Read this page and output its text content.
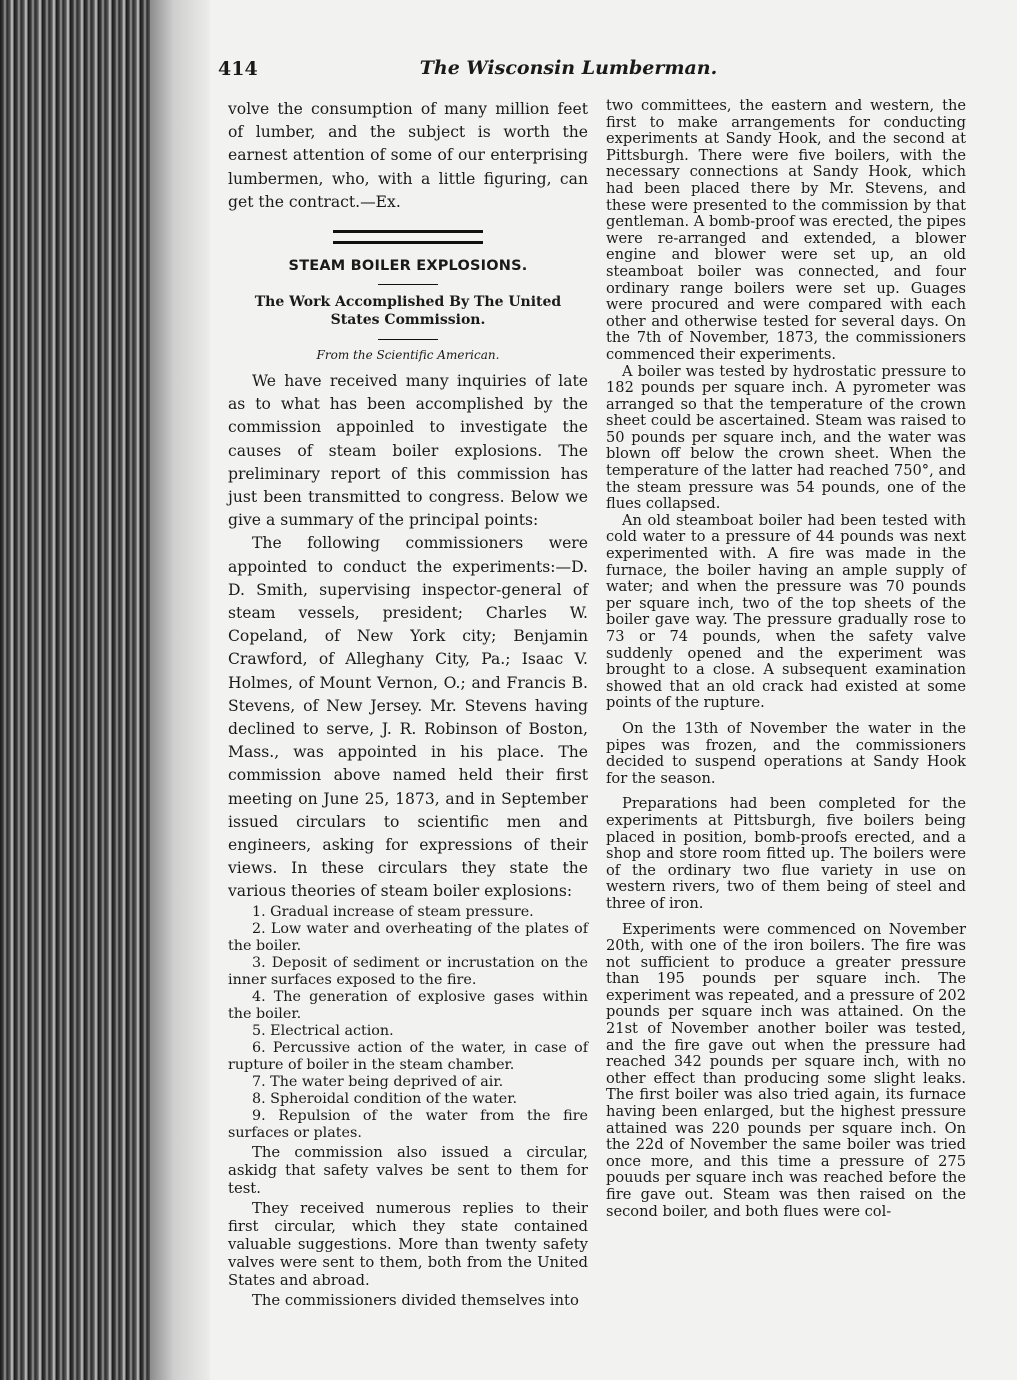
414	The Wisconsin Lumberman.

volve the consumption of many million feet of lumber, and the subject is worth the earnest attention of some of our enterprising lumbermen, who, with a little figuring, can get the contract.—Ex.

STEAM BOILER EXPLOSIONS.
The Work Accomplished By The United States Commission.
From the Scientific American.

We have received many inquiries of late as to what has been accomplished by the commission appoinled to investigate the causes of steam boiler explosions. The preliminary report of this commission has just been transmitted to congress. Below we give a summary of the principal points:

The following commissioners were appointed to conduct the experiments:—D. D. Smith, supervising inspector-general of steam vessels, president; Charles W. Copeland, of New York city; Benjamin Crawford, of Alleghany City, Pa.; Isaac V. Holmes, of Mount Vernon, O.; and Francis B. Stevens, of New Jersey. Mr. Stevens having declined to serve, J. R. Robinson of Boston, Mass., was appointed in his place. The commission above named held their first meeting on June 25, 1873, and in September issued circulars to scientific men and engineers, asking for expressions of their views. In these circulars they state the various theories of steam boiler explosions:

1. Gradual increase of steam pressure.
2. Low water and overheating of the plates of the boiler.
3. Deposit of sediment or incrustation on the inner surfaces exposed to the fire.
4. The generation of explosive gases within the boiler.
5. Electrical action.
6. Percussive action of the water, in case of rupture of boiler in the steam chamber.
7. The water being deprived of air.
8. Spheroidal condition of the water.
9. Repulsion of the water from the fire surfaces or plates.

The commission also issued a circular, askidg that safety valves be sent to them for test.

They received numerous replies to their first circular, which they state contained valuable suggestions. More than twenty safety valves were sent to them, both from the United States and abroad.

The commissioners divided themselves into

two committees, the eastern and western, the first to make arrangements for conducting experiments at Sandy Hook, and the second at Pittsburgh. There were five boilers, with the necessary connections at Sandy Hook, which had been placed there by Mr. Stevens, and these were presented to the commission by that gentleman. A bomb-proof was erected, the pipes were re-arranged and extended, a blower engine and blower were set up, an old steamboat boiler was connected, and four ordinary range boilers were set up. Guages were procured and were compared with each other and otherwise tested for several days. On the 7th of November, 1873, the commissioners commenced their experiments.

A boiler was tested by hydrostatic pressure to 182 pounds per square inch. A pyrometer was arranged so that the temperature of the crown sheet could be ascertained. Steam was raised to 50 pounds per square inch, and the water was blown off below the crown sheet. When the temperature of the latter had reached 750°, and the steam pressure was 54 pounds, one of the flues collapsed.

An old steamboat boiler had been tested with cold water to a pressure of 44 pounds was next experimented with. A fire was made in the furnace, the boiler having an ample supply of water; and when the pressure was 70 pounds per square inch, two of the top sheets of the boiler gave way. The pressure gradually rose to 73 or 74 pounds, when the safety valve suddenly opened and the experiment was brought to a close. A subsequent examination showed that an old crack had existed at some points of the rupture.

On the 13th of November the water in the pipes was frozen, and the commissioners decided to suspend operations at Sandy Hook for the season.

Preparations had been completed for the experiments at Pittsburgh, five boilers being placed in position, bomb-proofs erected, and a shop and store room fitted up. The boilers were of the ordinary two flue variety in use on western rivers, two of them being of steel and three of iron.

Experiments were commenced on November 20th, with one of the iron boilers. The fire was not sufficient to produce a greater pressure than 195 pounds per square inch. The experiment was repeated, and a pressure of 202 pounds per square inch was attained. On the 21st of November another boiler was tested, and the fire gave out when the pressure had reached 342 pounds per square inch, with no other effect than producing some slight leaks. The first boiler was also tried again, its furnace having been enlarged, but the highest pressure attained was 220 pounds per square inch. On the 22d of November the same boiler was tried once more, and this time a pressure of 275 pouuds per square inch was reached before the fire gave out. Steam was then raised on the second boiler, and both flues were col-
